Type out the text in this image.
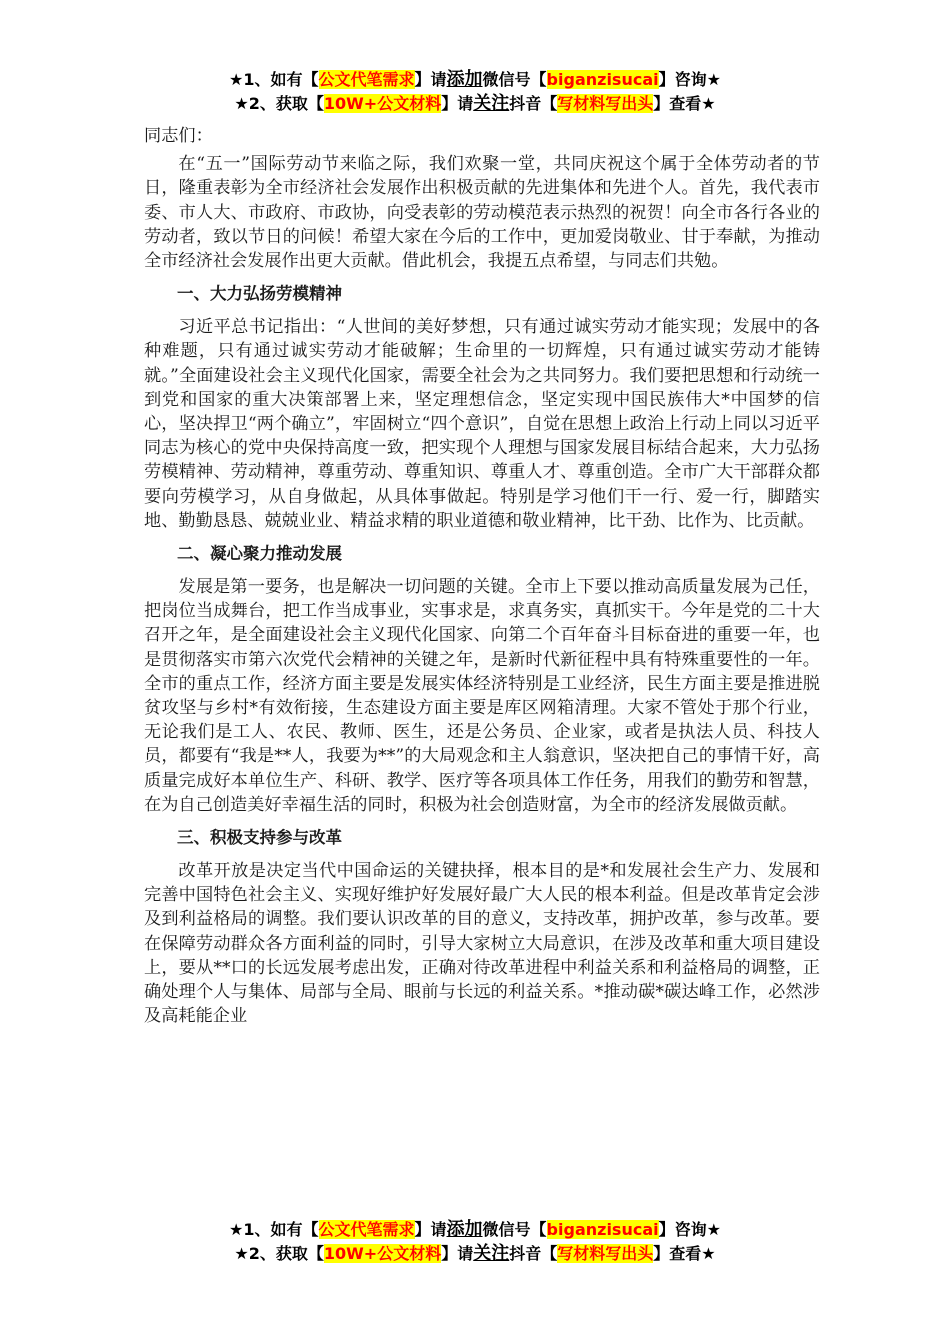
★1、如有【公文代笔需求】请添加微信号【biganzisucai】咨询★
★2、获取【10W+公文材料】请关注抖音【写材料写出头】查看★

同志们：

在“五一”国际劳动节来临之际，我们欢聚一堂，共同庆祝这个属于全体劳动者的节日，隆重表彰为全市经济社会发展作出积极贡献的先进集体和先进个人。首先，我代表市委、市人大、市政府、市政协，向受表彰的劳动模范表示热烈的祝贺！向全市各行各业的劳动者，致以节日的问候！希望大家在今后的工作中，更加爱岗敬业、甘于奉献，为推动全市经济社会发展作出更大贡献。借此机会，我提五点希望，与同志们共勉。

一、大力弘扬劳模精神

习近平总书记指出：“人世间的美好梦想，只有通过诚实劳动才能实现；发展中的各种难题，只有通过诚实劳动才能破解；生命里的一切辉煌，只有通过诚实劳动才能铸就。”全面建设社会主义现代化国家，需要全社会为之共同努力。我们要把思想和行动统一到党和国家的重大决策部署上来，坚定理想信念，坚定实现中国民族伟大*中国梦的信心，坚决捍卫“两个确立”，牢固树立“四个意识”，自觉在思想上政治上行动上同以习近平同志为核心的党中央保持高度一致，把实现个人理想与国家发展目标结合起来，大力弘扬劳模精神、劳动精神，尊重劳动、尊重知识、尊重人才、尊重创造。全市广大干部群众都要向劳模学习，从自身做起，从具体事做起。特别是学习他们干一行、爱一行，脚踏实地、勤勤恳恳、兢兢业业、精益求精的职业道德和敬业精神，比干劲、比作为、比贡献。

二、凝心聚力推动发展

发展是第一要务，也是解决一切问题的关键。全市上下要以推动高质量发展为己任，把岗位当成舞台，把工作当成事业，实事求是，求真务实，真抓实干。今年是党的二十大召开之年，是全面建设社会主义现代化国家、向第二个百年奋斗目标奋进的重要一年，也是贯彻落实市第六次党代会精神的关键之年，是新时代新征程中具有特殊重要性的一年。全市的重点工作，经济方面主要是发展实体经济特别是工业经济，民生方面主要是推进脱贫攻坚与乡村*有效衔接，生态建设方面主要是库区网箱清理。大家不管处于那个行业，无论我们是工人、农民、教师、医生，还是公务员、企业家，或者是执法人员、科技人员，都要有“我是**人，我要为**”的大局观念和主人翁意识，坚决把自己的事情干好，高质量完成好本单位生产、科研、教学、医疗等各项具体工作任务，用我们的勤劳和智慧，在为自己创造美好幸福生活的同时，积极为社会创造财富，为全市的经济发展做贡献。

三、积极支持参与改革

改革开放是决定当代中国命运的关键抉择，根本目的是*和发展社会生产力、发展和完善中国特色社会主义、实现好维护好发展好最广大人民的根本利益。但是改革肯定会涉及到利益格局的调整。我们要认识改革的目的意义，支持改革，拥护改革，参与改革。要在保障劳动群众各方面利益的同时，引导大家树立大局意识，在涉及改革和重大项目建设上，要从**口的长远发展考虑出发，正确对待改革进程中利益关系和利益格局的调整，正确处理个人与集体、局部与全局、眼前与长远的利益关系。*推动碳*碳达峰工作，必然涉及高耗能企业

★1、如有【公文代笔需求】请添加微信号【biganzisucai】咨询★
★2、获取【10W+公文材料】请关注抖音【写材料写出头】查看★
